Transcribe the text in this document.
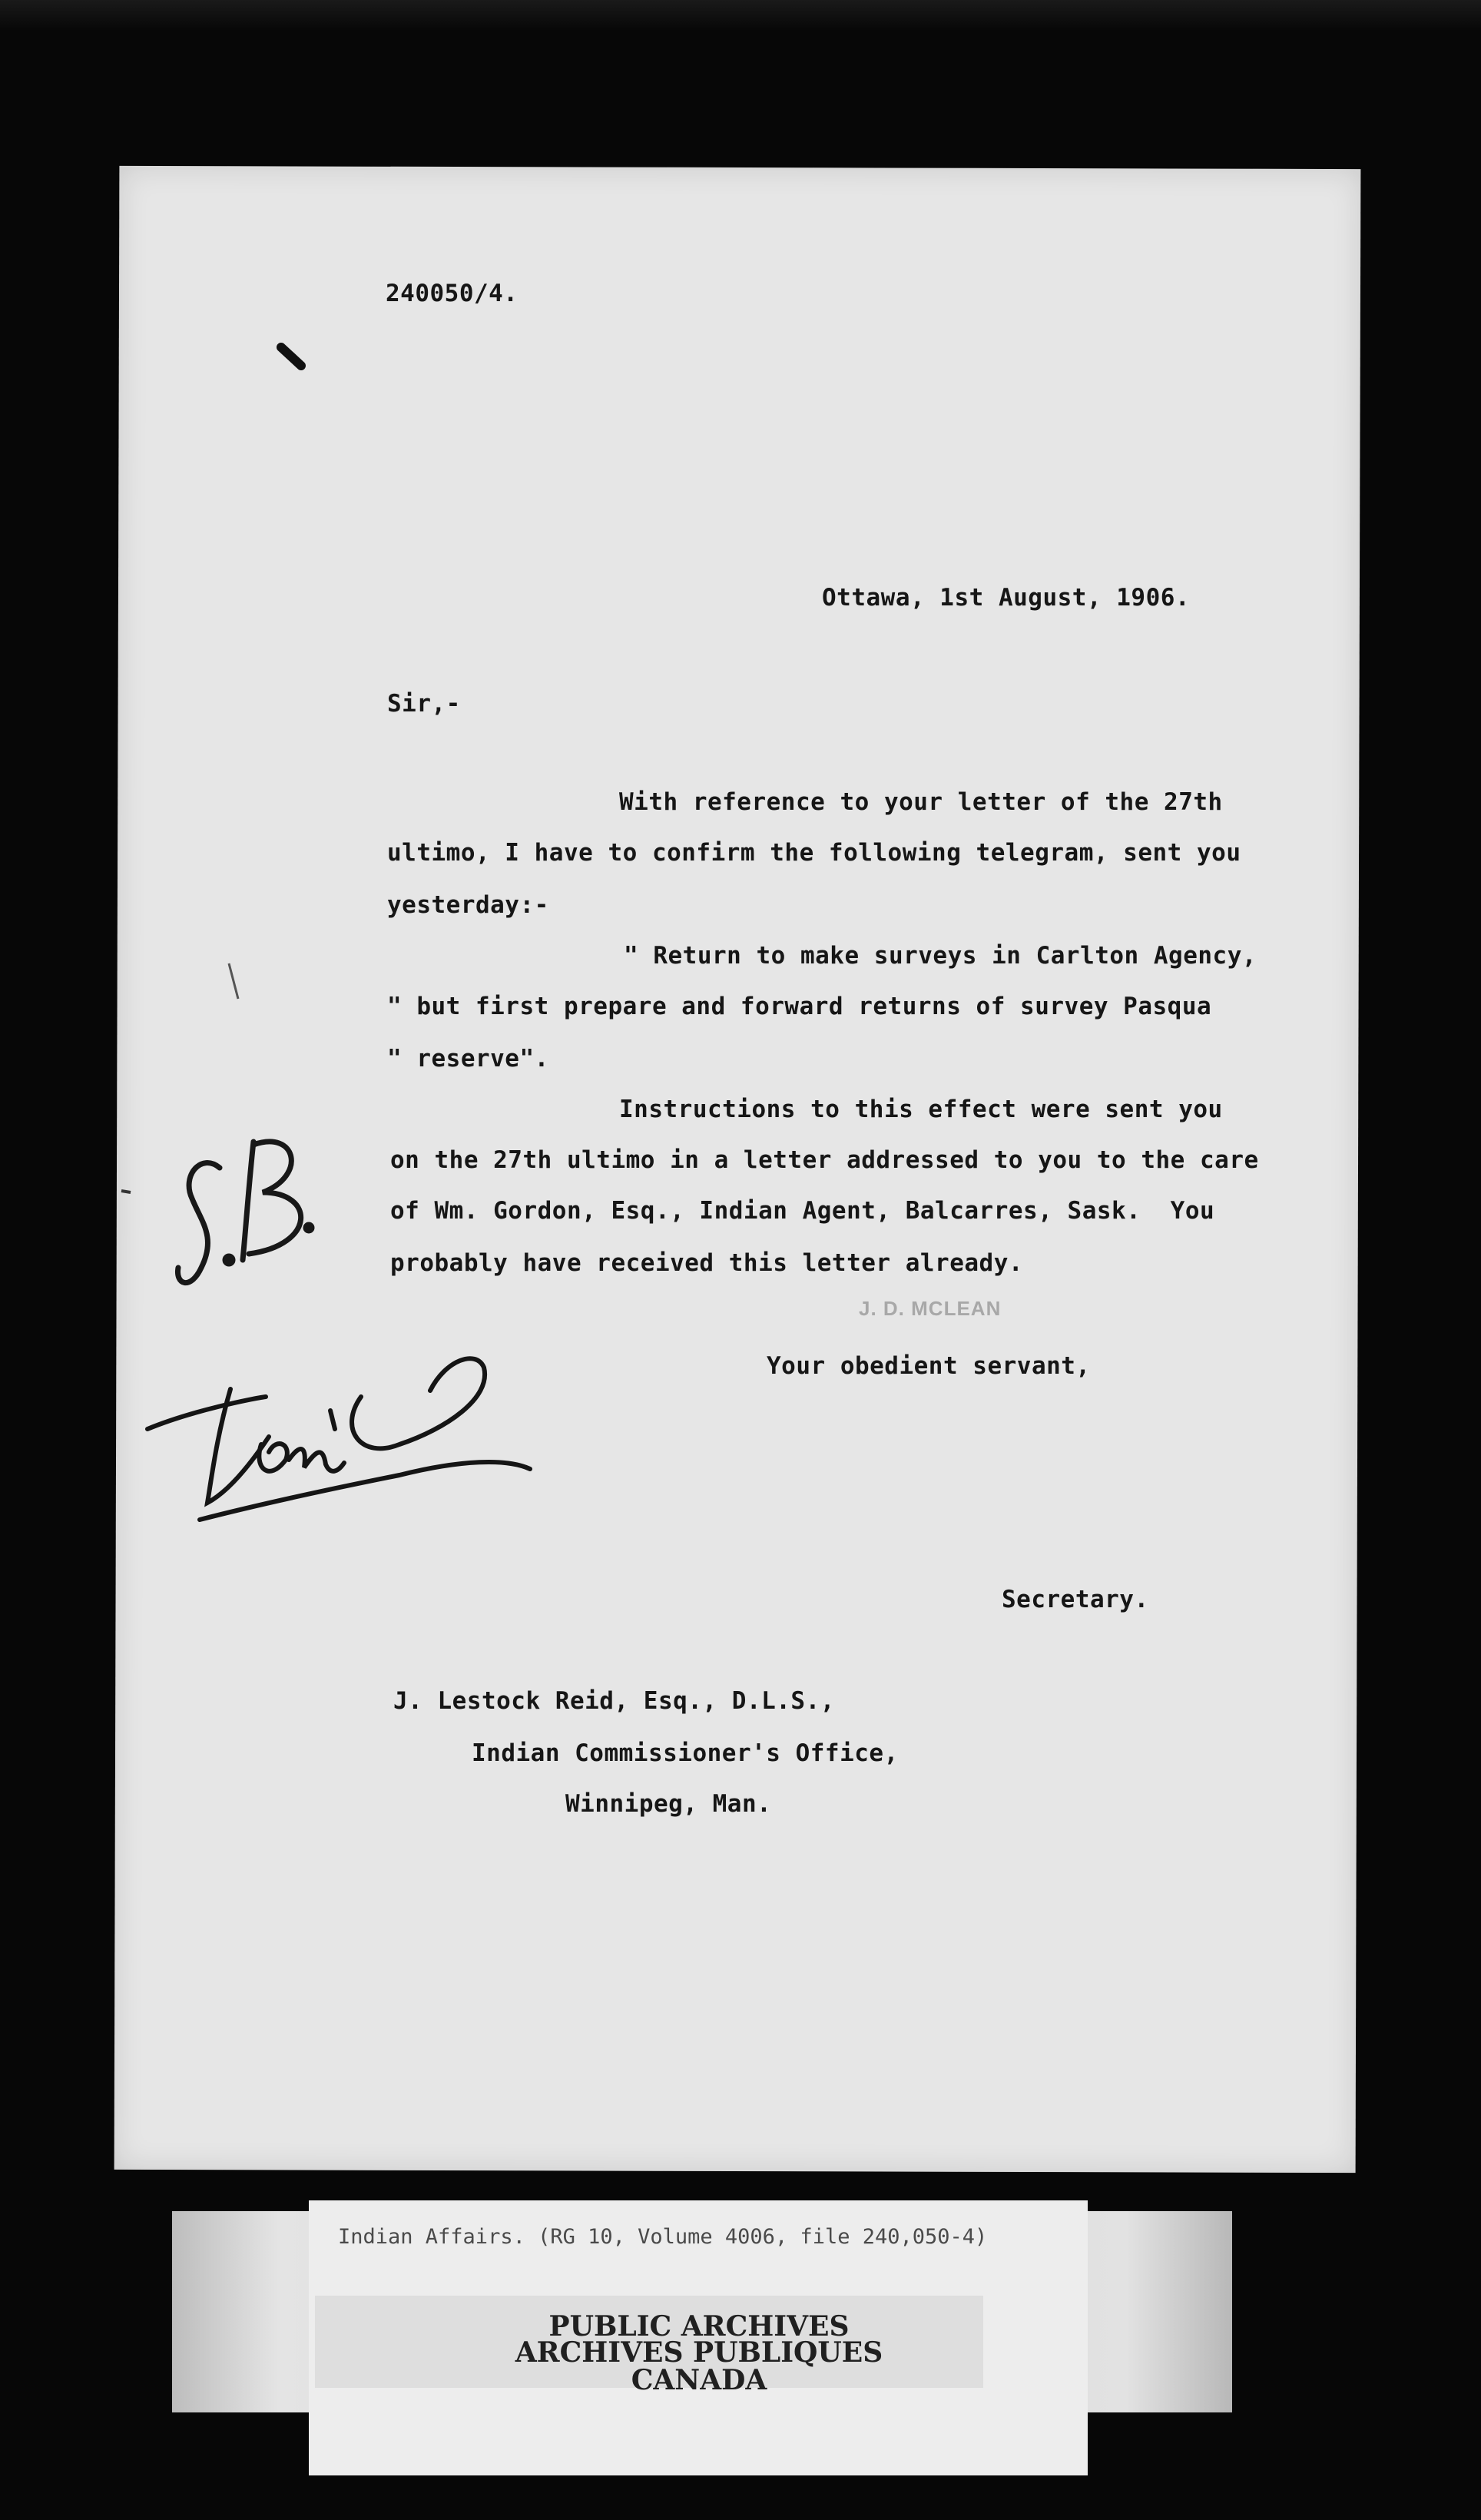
240050/4.
Ottawa, 1st August, 1906.
Sir,-
With reference to your letter of the 27th
ultimo, I have to confirm the following telegram, sent you
yesterday:-
" Return to make surveys in Carlton Agency,
" but first prepare and forward returns of survey Pasqua
" reserve".
Instructions to this effect were sent you
on the 27th ultimo in a letter addressed to you to the care
of Wm. Gordon, Esq., Indian Agent, Balcarres, Sask.  You
probably have received this letter already.
Your obedient servant,
J. D. MCLEAN
Secretary.
J. Lestock Reid, Esq., D.L.S.,
Indian Commissioner's Office,
Winnipeg, Man.
Indian Affairs. (RG 10, Volume 4006, file 240,050-4)
PUBLIC ARCHIVES
ARCHIVES PUBLIQUES
CANADA
